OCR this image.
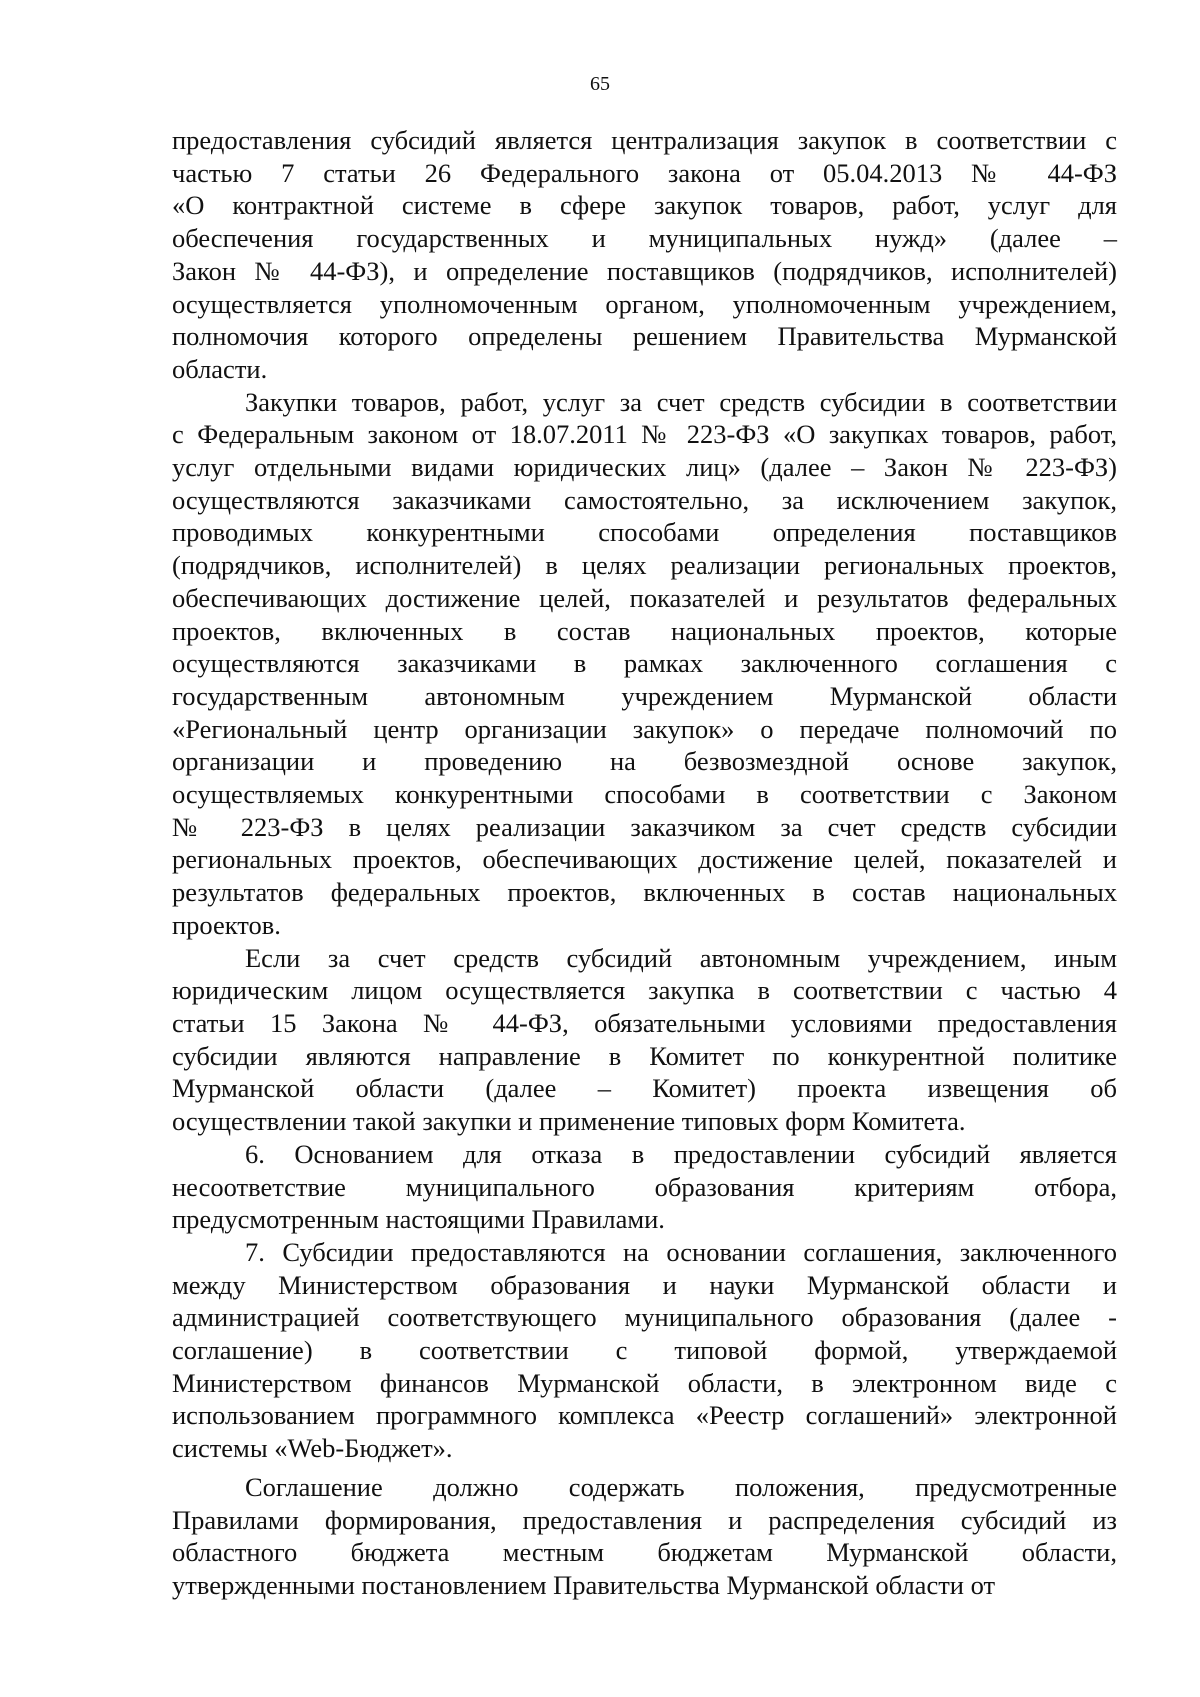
65

предоставления субсидий является централизация закупок в соответствии с
частью 7 статьи 26 Федерального закона от 05.04.2013 № 44-ФЗ
«О контрактной системе в сфере закупок товаров, работ, услуг для
обеспечения государственных и муниципальных нужд» (далее –
Закон № 44-ФЗ), и определение поставщиков (подрядчиков, исполнителей)
осуществляется уполномоченным органом, уполномоченным учреждением,
полномочия которого определены решением Правительства Мурманской
области.

Закупки товаров, работ, услуг за счет средств субсидии в соответствии
с Федеральным законом от 18.07.2011 № 223-ФЗ «О закупках товаров, работ,
услуг отдельными видами юридических лиц» (далее – Закон № 223-ФЗ)
осуществляются заказчиками самостоятельно, за исключением закупок,
проводимых конкурентными способами определения поставщиков
(подрядчиков, исполнителей) в целях реализации региональных проектов,
обеспечивающих достижение целей, показателей и результатов федеральных
проектов, включенных в состав национальных проектов, которые
осуществляются заказчиками в рамках заключенного соглашения с
государственным автономным учреждением Мурманской области
«Региональный центр организации закупок» о передаче полномочий по
организации и проведению на безвозмездной основе закупок,
осуществляемых конкурентными способами в соответствии с Законом
№ 223-ФЗ в целях реализации заказчиком за счет средств субсидии
региональных проектов, обеспечивающих достижение целей, показателей и
результатов федеральных проектов, включенных в состав национальных
проектов.

Если за счет средств субсидий автономным учреждением, иным
юридическим лицом осуществляется закупка в соответствии с частью 4
статьи 15 Закона № 44-ФЗ, обязательными условиями предоставления
субсидии являются направление в Комитет по конкурентной политике
Мурманской области (далее – Комитет) проекта извещения об
осуществлении такой закупки и применение типовых форм Комитета.

6. Основанием для отказа в предоставлении субсидий является
несоответствие муниципального образования критериям отбора,
предусмотренным настоящими Правилами.

7. Субсидии предоставляются на основании соглашения, заключенного
между Министерством образования и науки Мурманской области и
администрацией соответствующего муниципального образования (далее -
соглашение) в соответствии с типовой формой, утверждаемой
Министерством финансов Мурманской области, в электронном виде с
использованием программного комплекса «Реестр соглашений» электронной
системы «Web-Бюджет».

Соглашение должно содержать положения, предусмотренные
Правилами формирования, предоставления и распределения субсидий из
областного бюджета местным бюджетам Мурманской области,
утвержденными постановлением Правительства Мурманской области от
